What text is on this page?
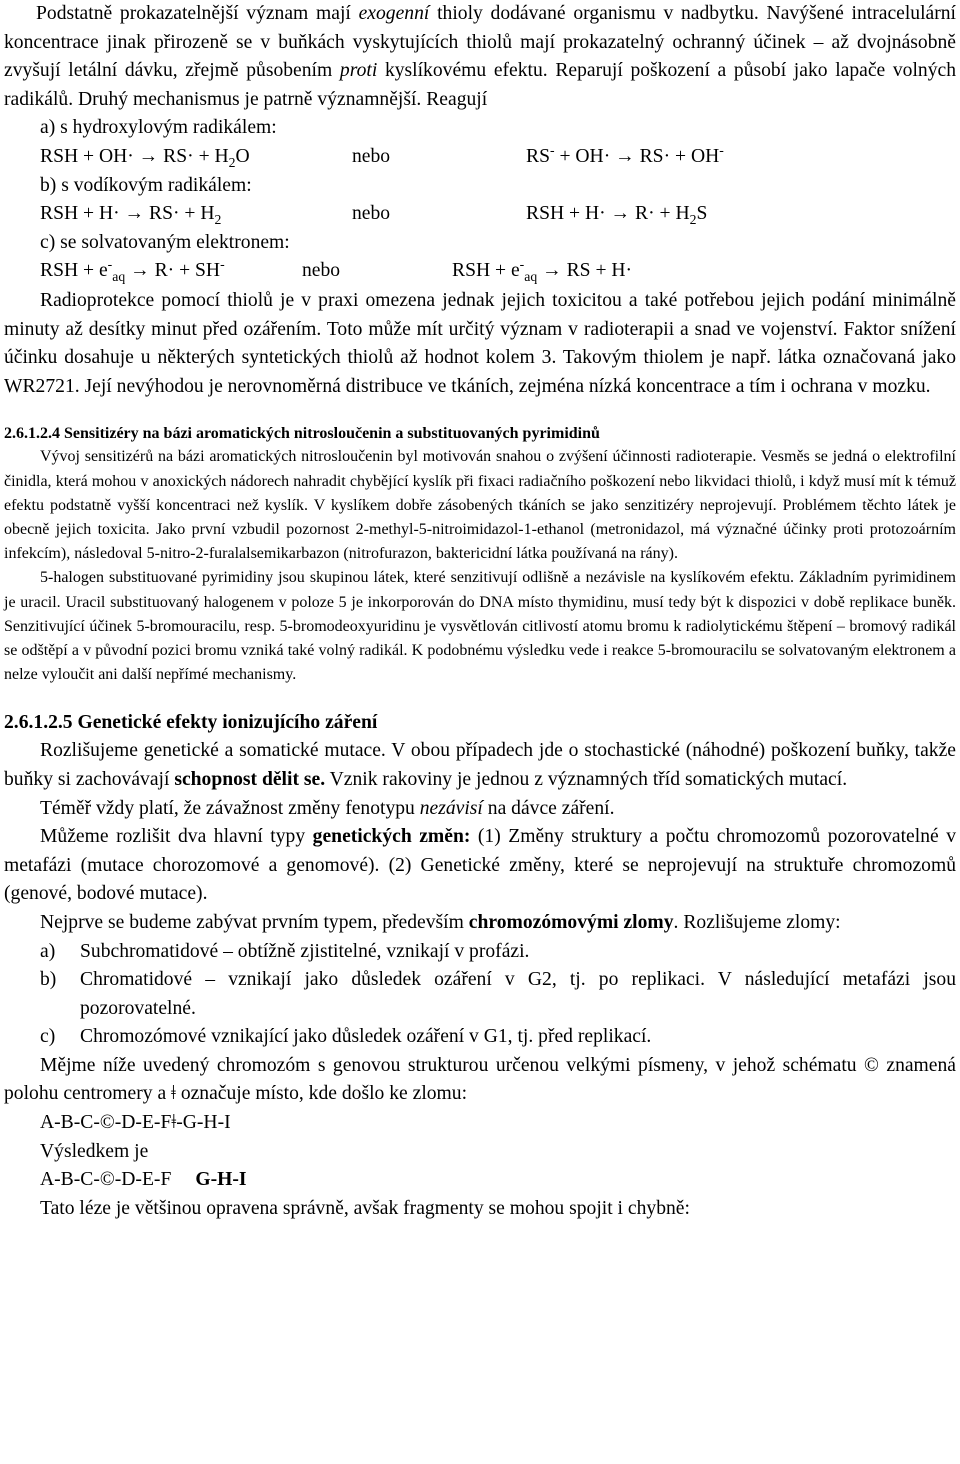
Podstatně prokazatelnější význam mají exogenní thioly dodávané organismu v nadbytku. Navýšené intracelulární koncentrace jinak přirozeně se v buňkách vyskytujících thiolů mají prokazatelný ochranný účinek – až dvojnásobně zvyšují letální dávku, zřejmě působením proti kyslíkovému efektu. Reparují poškození a působí jako lapače volných radikálů. Druhý mechanismus je patrně významnější. Reagují

a) s hydroxylovým radikálem:
RSH + $OH\cdot \to RS\cdot + H_2O$	nebo	RS- + OH· → RS· + OH-
b) s vodíkovým radikálem:
RSH + $H\cdot \to RS\cdot + H_2$	nebo	RSH + $H\cdot \to R\cdot + H_2S$
c) se solvatovaným elektronem:
RSH + $e^-_{aq} \to R\cdot + SH^-$	nebo	RSH + $e^-_{aq}$ → RS + H·

Radioprotekce pomocí thiolů je v praxi omezena jednak jejich toxicitou a také potřebou jejich podání minimálně minuty až desítky minut před ozářením. Toto může mít určitý význam v radioterapii a snad ve vojenství. Faktor snížení účinku dosahuje u některých syntetických thiolů až hodnot kolem 3. Takovým thiolem je např. látka označovaná jako WR2721. Její nevýhodou je nerovnoměrná distribuce ve tkáních, zejména nízká koncentrace a tím i ochrana v mozku.

2.6.1.2.4 Sensitizéry na bázi aromatických nitrosloučenin a substituovaných pyrimidinů

Vývoj sensitizérů na bázi aromatických nitrosloučenin byl motivován snahou o zvýšení účinnosti radioterapie. Vesměs se jedná o elektrofilní činidla, která mohou v anoxických nádorech nahradit chybějící kyslík při fixaci radiačního poškození nebo likvidaci thiolů, i když musí mít k témuž efektu podstatně vyšší koncentraci než kyslík. V kyslíkem dobře zásobených tkáních se jako senzitizéry neprojevují. Problémem těchto látek je obecně jejich toxicita. Jako první vzbudil pozornost 2-methyl-5-nitroimidazol-1-ethanol (metronidazol, má význačné účinky proti protozoárním infekcím), následoval 5-nitro-2-furalalsemikarbazon (nitrofurazon, baktericidní látka používaná na rány).

5-halogen substituované pyrimidiny jsou skupinou látek, které senzitivují odlišně a nezávisle na kyslíkovém efektu. Základním pyrimidinem je uracil. Uracil substituovaný halogenem v poloze 5 je inkorporován do DNA místo thymidinu, musí tedy být k dispozici v době replikace buněk. Senzitivující účinek 5-bromouracilu, resp. 5-bromodeoxyuridinu je vysvětlován citlivostí atomu bromu k radiolytickému štěpení – bromový radikál se odštěpí a v původní pozici bromu vzniká také volný radikál. K podobnému výsledku vede i reakce 5-bromouracilu se solvatovaným elektronem a nelze vyloučit ani další nepřímé mechanismy.

2.6.1.2.5 Genetické efekty ionizujícího záření

Rozlišujeme genetické a somatické mutace. V obou případech jde o stochastické (náhodné) poškození buňky, takže buňky si zachovávají schopnost dělit se. Vznik rakoviny je jednou z významných tříd somatických mutací.

Téměř vždy platí, že závažnost změny fenotypu nezávisí na dávce záření.

Můžeme rozlišit dva hlavní typy genetických změn: (1) Změny struktury a počtu chromozomů pozorovatelné v metafázi (mutace chorozomové a genomové). (2) Genetické změny, které se neprojevují na struktuře chromozomů (genové, bodové mutace).

Nejprve se budeme zabývat prvním typem, především chromozómovými zlomy. Rozlišujeme zlomy:

a) Subchromatidové – obtížně zjistitelné, vznikají v profázi.
b) Chromatidové – vznikají jako důsledek ozáření v G2, tj. po replikaci. V následující metafázi jsou pozorovatelné.
c) Chromozómové vznikající jako důsledek ozáření v G1, tj. před replikací.

Mějme níže uvedený chromozóm s genovou strukturou určenou velkými písmeny, v jehož schématu © znamená polohu centromery a ǂ označuje místo, kde došlo ke zlomu:

A-B-C-©-D-E-Fǂ-G-H-I
Výsledkem je
A-B-C-©-D-E-F G-H-I
Tato léze je většinou opravena správně, avšak fragmenty se mohou spojit i chybně:
